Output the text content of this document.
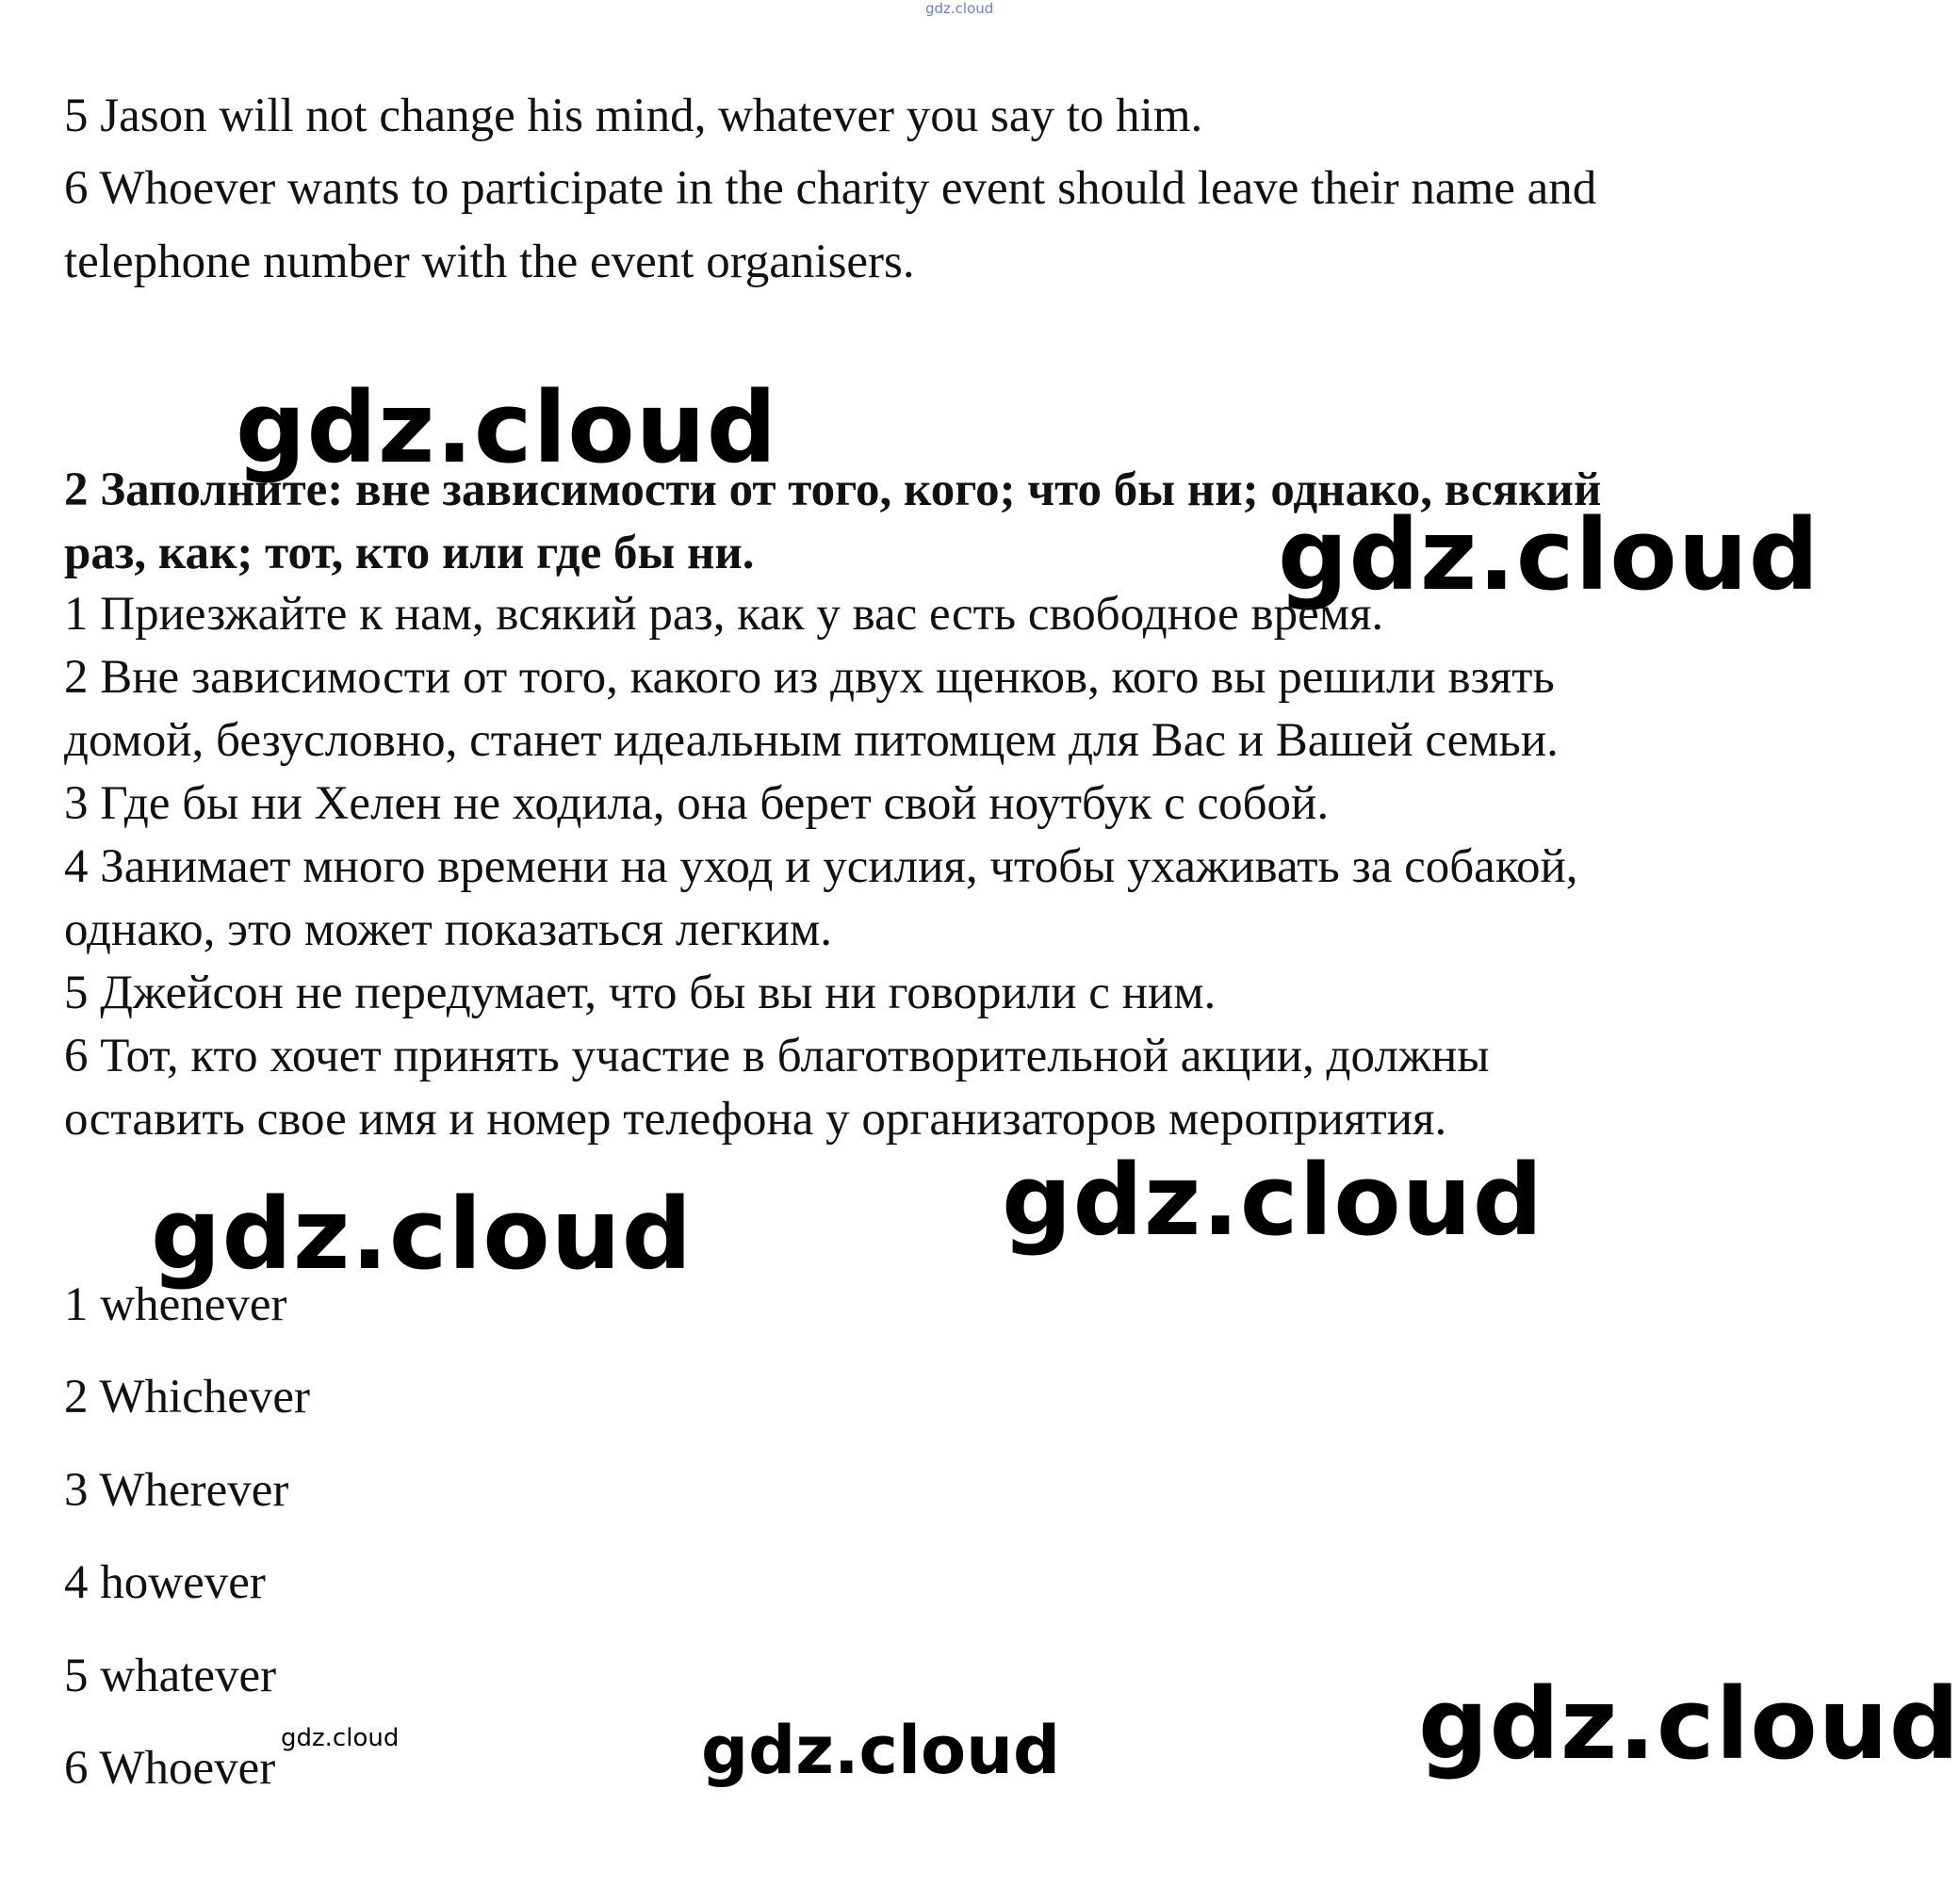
gdz.cloud
5 Jason will not change his mind, whatever you say to him.
6 Whoever wants to participate in the charity event should leave their name and
telephone number with the event organisers.
gdz.cloud
2 Заполните: вне зависимости от того, кого; что бы ни; однако, всякий
раз, как; тот, кто или где бы ни.	gdz.cloud
1 Приезжайте к нам, всякий раз, как у вас есть свободное время.
2 Вне зависимости от того, какого из двух щенков, кого вы решили взять
домой, безусловно, станет идеальным питомцем для Вас и Вашей семьи.
3 Где бы ни Хелен не ходила, она берет свой ноутбук с собой.
4 Занимает много времени на уход и усилия, чтобы ухаживать за собакой,
однако, это может показаться легким.
5 Джейсон не передумает, что бы вы ни говорили с ним.
6 Тот, кто хочет принять участие в благотворительной акции, должны
оставить свое имя и номер телефона у организаторов мероприятия.
gdz.cloud
gdz.cloud
1 whenever
2 Whichever
3 Wherever
4 however
5 whatever
6 Whoever
gdz.cloud	gdz.cloud	gdz.cloud
